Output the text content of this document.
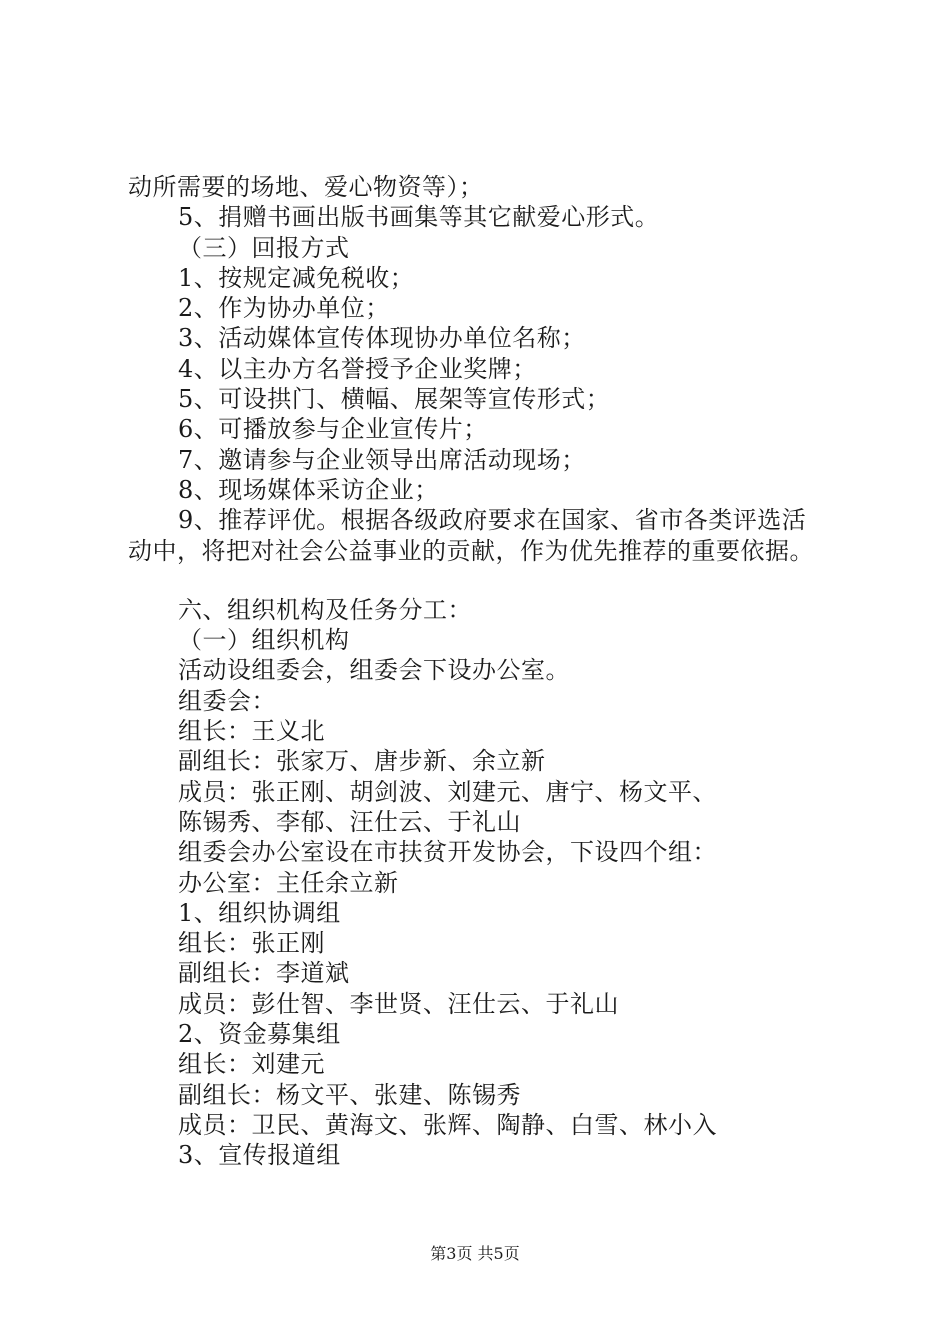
动所需要的场地、爱心物资等）；
5、捐赠书画出版书画集等其它献爱心形式。
（三）回报方式
1、按规定减免税收；
2、作为协办单位；
3、活动媒体宣传体现协办单位名称；
4、以主办方名誉授予企业奖牌；
5、可设拱门、横幅、展架等宣传形式；
6、可播放参与企业宣传片；
7、邀请参与企业领导出席活动现场；
8、现场媒体采访企业；
9、推荐评优。根据各级政府要求在国家、省市各类评选活
动中，将把对社会公益事业的贡献，作为优先推荐的重要依据。
六、组织机构及任务分工：
（一）组织机构
活动设组委会，组委会下设办公室。
组委会：
组长：王义北
副组长：张家万、唐步新、余立新
成员：张正刚、胡剑波、刘建元、唐宁、杨文平、
陈锡秀、李郁、汪仕云、于礼山
组委会办公室设在市扶贫开发协会，下设四个组：
办公室：主任余立新
1、组织协调组
组长：张正刚
副组长：李道斌
成员：彭仕智、李世贤、汪仕云、于礼山
2、资金募集组
组长：刘建元
副组长：杨文平、张建、陈锡秀
成员：卫民、黄海文、张辉、陶静、白雪、林小入
3、宣传报道组
第3页 共5页
